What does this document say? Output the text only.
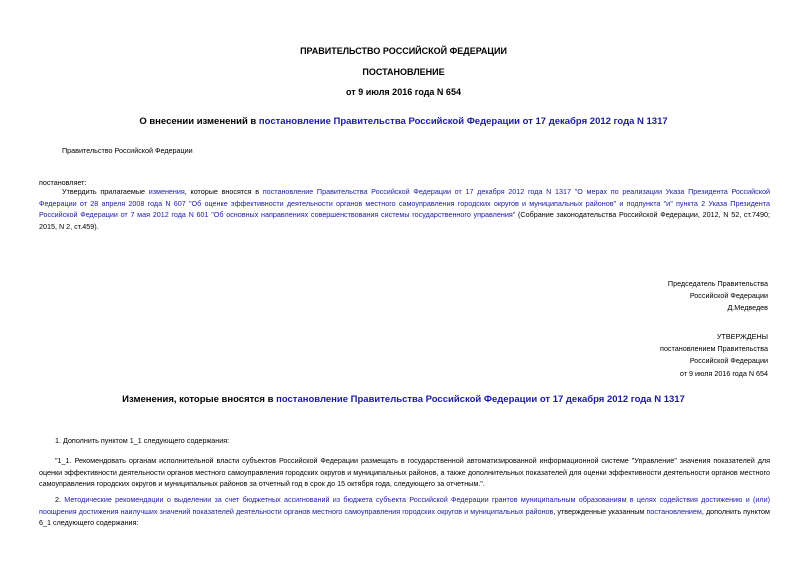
ПРАВИТЕЛЬСТВО РОССИЙСКОЙ ФЕДЕРАЦИИ
ПОСТАНОВЛЕНИЕ
от 9 июля 2016 года N 654
О внесении изменений в постановление Правительства Российской Федерации от 17 декабря 2012 года N 1317
Правительство Российской Федерации
постановляет:
Утвердить прилагаемые изменения, которые вносятся в постановление Правительства Российской Федерации от 17 декабря 2012 года N 1317 "О мерах по реализации Указа Президента Российской Федерации от 28 апреля 2008 года N 607 "Об оценке эффективности деятельности органов местного самоуправления городских округов и муниципальных районов" и подпункта "и" пункта 2 Указа Президента Российской Федерации от 7 мая 2012 года N 601 "Об основных направлениях совершенствования системы государственного управления" (Собрание законодательства Российской Федерации, 2012, N 52, ст.7490; 2015, N 2, ст.459).
Председатель Правительства
Российской Федерации
Д.Медведев
УТВЕРЖДЕНЫ
постановлением Правительства
Российской Федерации
от 9 июля 2016 года N 654
Изменения, которые вносятся в постановление Правительства Российской Федерации от 17 декабря 2012 года N 1317
1. Дополнить пунктом 1_1 следующего содержания:
"1_1. Рекомендовать органам исполнительной власти субъектов Российской Федерации размещать в государственной автоматизированной информационной системе "Управление" значения показателей для оценки эффективности деятельности органов местного самоуправления городских округов и муниципальных районов, а также дополнительных показателей для оценки эффективности деятельности органов местного самоуправления городских округов и муниципальных районов за отчетный год в срок до 15 октября года, следующего за отчетным.".
2. Методические рекомендации о выделении за счет бюджетных ассигнований из бюджета субъекта Российской Федерации грантов муниципальным образованиям в целях содействия достижению и (или) поощрения достижения наилучших значений показателей деятельности органов местного самоуправления городских округов и муниципальных районов, утвержденные указанным постановлением, дополнить пунктом 6_1 следующего содержания:
